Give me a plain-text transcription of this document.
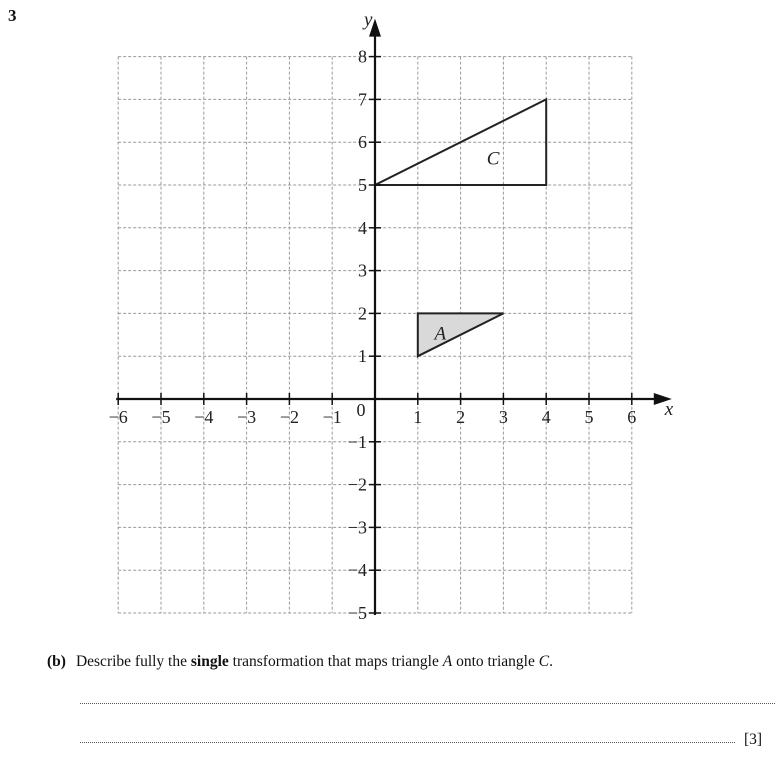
3
A
C
x
y
−6 −5 −4 −3 −2 −1	1 2 3 4 5 6
8
7
6
5
4
3
2
1
−1
−2
−3
−4
−5
0
(b) Describe fully the single transformation that maps triangle A onto triangle C.
[3]
